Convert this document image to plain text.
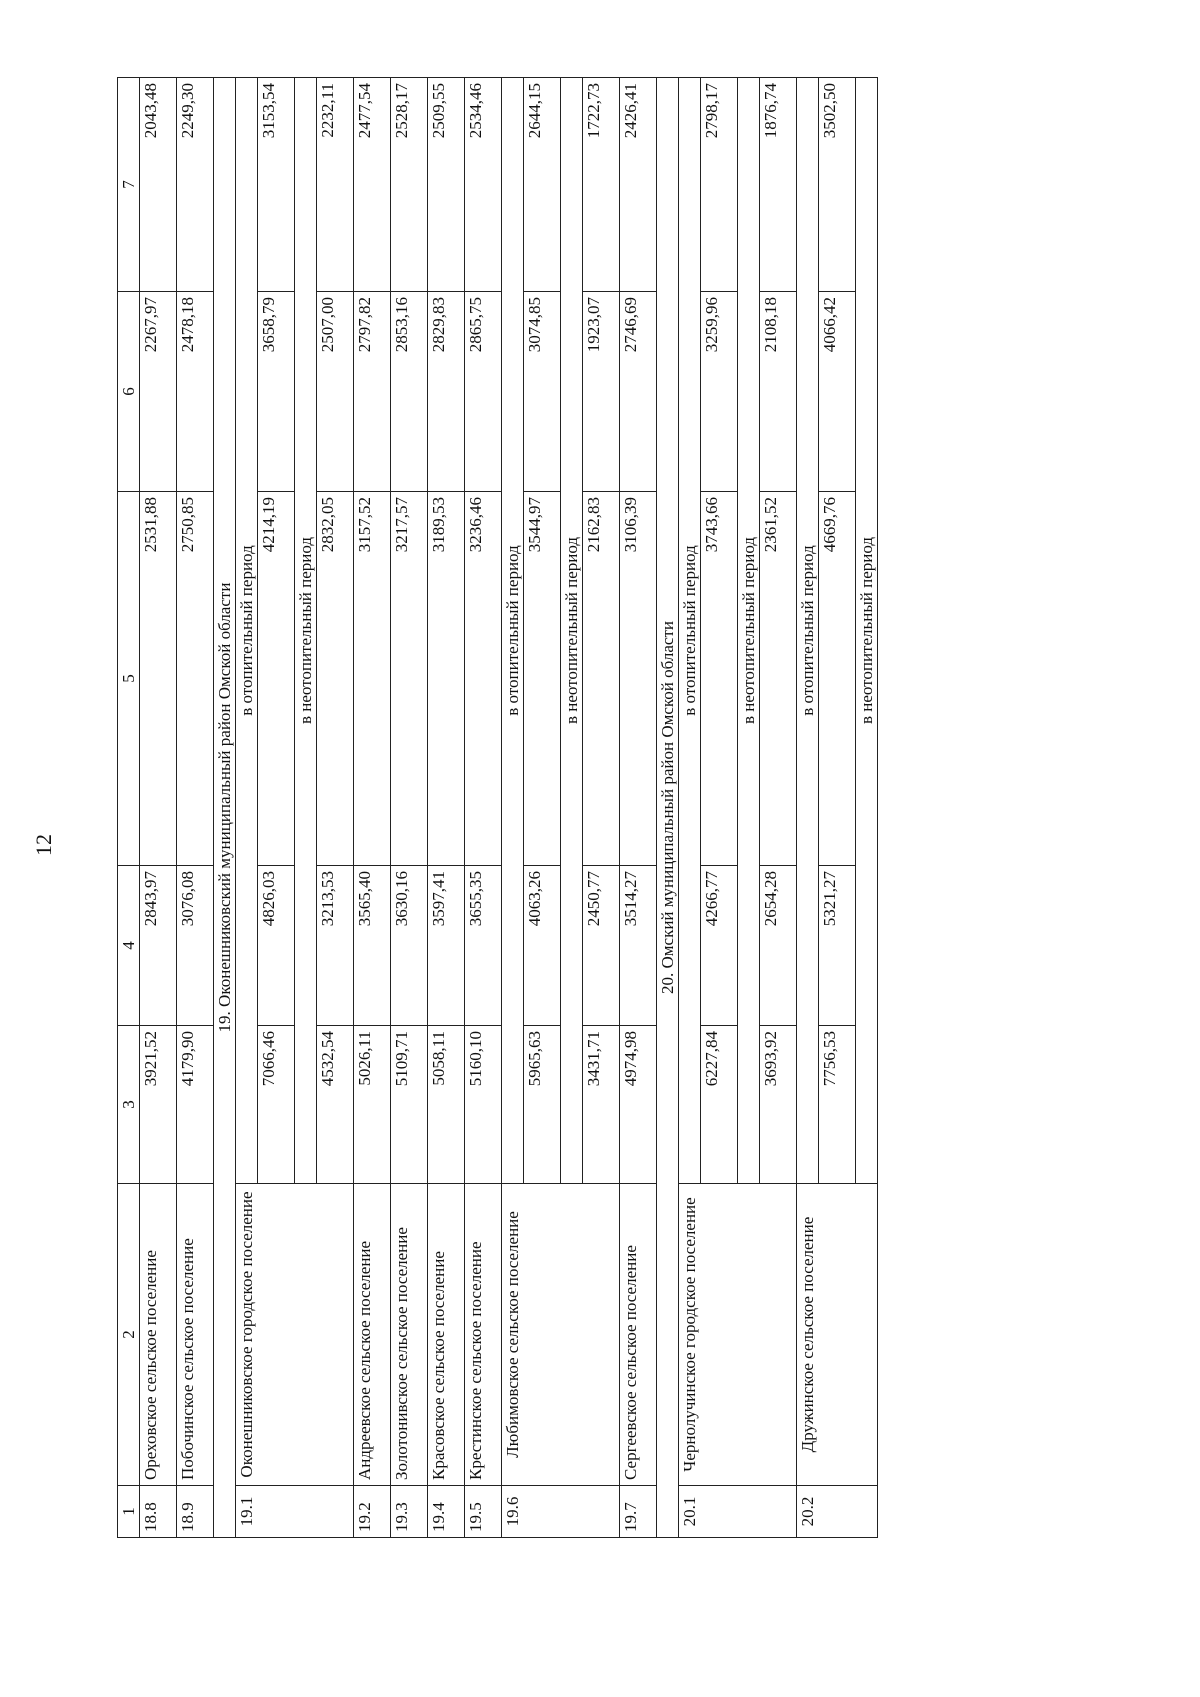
12
1	2	3	4	5	6	7
18.8	Ореховское сельское поселение	3921,52	2843,97	2531,88	2267,97	2043,48
18.9	Побочинское сельское поселение	4179,90	3076,08	2750,85	2478,18	2249,30
19. Оконешниковский муниципальный район Омской области						
19.1	Оконешниковское городское поселение	в отопительный период				
		7066,46	4826,03	4214,19	3658,79	3153,54
		в неотопительный период				
		4532,54	3213,53	2832,05	2507,00	2232,11
19.2	Андреевское сельское поселение	5026,11	3565,40	3157,52	2797,82	2477,54
19.3	Золотонивское сельское поселение	5109,71	3630,16	3217,57	2853,16	2528,17
19.4	Красовское сельское поселение	5058,11	3597,41	3189,53	2829,83	2509,55
19.5	Крестинское сельское поселение	5160,10	3655,35	3236,46	2865,75	2534,46
19.6	Любимовское сельское поселение	в отопительный период				
		5965,63	4063,26	3544,97	3074,85	2644,15
		в неотопительный период				
		3431,71	2450,77	2162,83	1923,07	1722,73
19.7	Сергеевское сельское поселение	4974,98	3514,27	3106,39	2746,69	2426,41
20. Омский муниципальный район Омской области						
20.1	Чернолучинское городское поселение	в отопительный период				
		6227,84	4266,77	3743,66	3259,96	2798,17
		в неотопительный период				
		3693,92	2654,28	2361,52	2108,18	1876,74
20.2	Дружинское сельское поселение	в отопительный период				
		7756,53	5321,27	4669,76	4066,42	3502,50
		в неотопительный период				
